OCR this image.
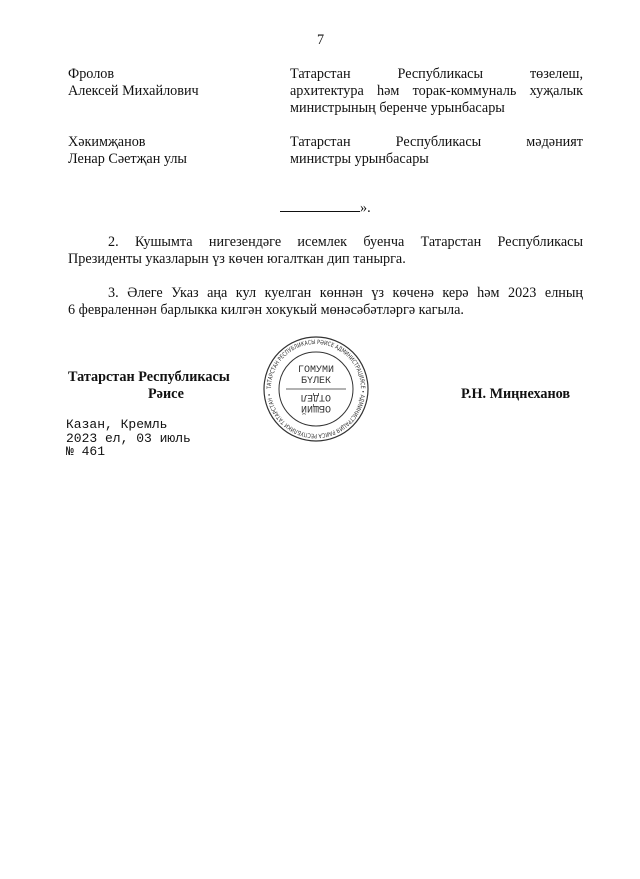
7
Фролов
Алексей Михайлович
Татарстан Республикасы төзелеш,
архитектура һәм торак-коммуналь хуҗалык министрының беренче урынбасары
Хәкимҗанов
Ленар Сәетҗан улы
Татарстан Республикасы мәдәният
министры урынбасары
».
2. Кушымта нигезендәге исемлек буенча Татарстан Республикасы
Президенты указларын үз көчен югалткан дип танырга.
3. Әлеге Указ аңа кул куелган көннән үз көченә керә һәм 2023 елның
6 февраленнән барлыкка килгән хокукый мөнәсәбәтләргә кагыла.
Татарстан Республикасы
Рәисе	Р.Н. Миңнеханов
ТАТАРСТАН РЕСПУБЛИКАСЫ РӘИСЕ АДМИНИСТРАЦИЯСЕ • АДМИНИСТРАЦИЯ РАИСА РЕСПУБЛИКИ ТАТАРСТАН •
ГОМУМИ БҮЛЕК
ОБЩИЙ ОТДЕЛ
Казан, Кремль
2023 ел, 03 июль
№ 461
